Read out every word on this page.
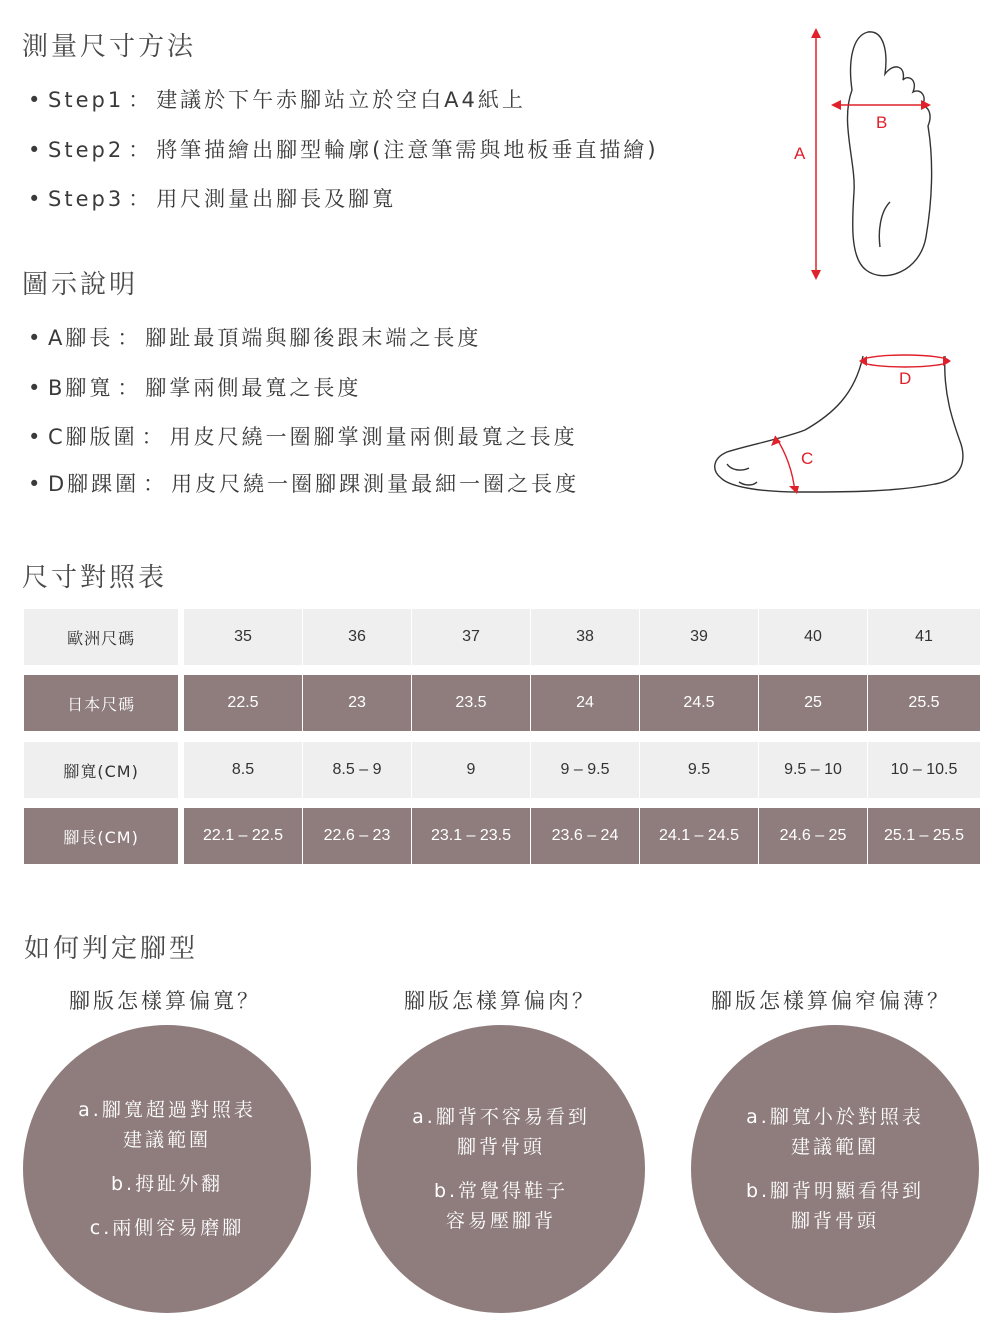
測量尺寸方法
• Step1 ： 建議於下午赤腳站立於空白A4紙上
• Step2 ： 將筆描繪出腳型輪廓(注意筆需與地板垂直描繪)
• Step3 ： 用尺測量出腳長及腳寬
A
B
圖示說明
• A腳長 ： 腳趾最頂端與腳後跟末端之長度
• B腳寬 ： 腳掌兩側最寬之長度
• C腳版圍 ： 用皮尺繞一圈腳掌測量兩側最寬之長度
• D腳踝圍 ： 用皮尺繞一圈腳踝測量最細一圈之長度
D
C
尺寸對照表
歐洲尺碼	35	36	37	38	39	40	41
日本尺碼	22.5	23	23.5	24	24.5	25	25.5
腳寬(CM)	8.5	8.5 – 9	9	9 – 9.5	9.5	9.5 – 10	10 – 10.5
腳長(CM)	22.1 – 22.5	22.6 – 23	23.1 – 23.5	23.6 – 24	24.1 – 24.5	24.6 – 25	25.1 – 25.5
如何判定腳型
腳版怎樣算偏寬？	腳版怎樣算偏肉？	腳版怎樣算偏窄偏薄？
a.腳寬超過對照表
建議範圍
b.拇趾外翻
c.兩側容易磨腳
a.腳背不容易看到
腳背骨頭
b.常覺得鞋子
容易壓腳背
a.腳寬小於對照表
建議範圍
b.腳背明顯看得到
腳背骨頭
